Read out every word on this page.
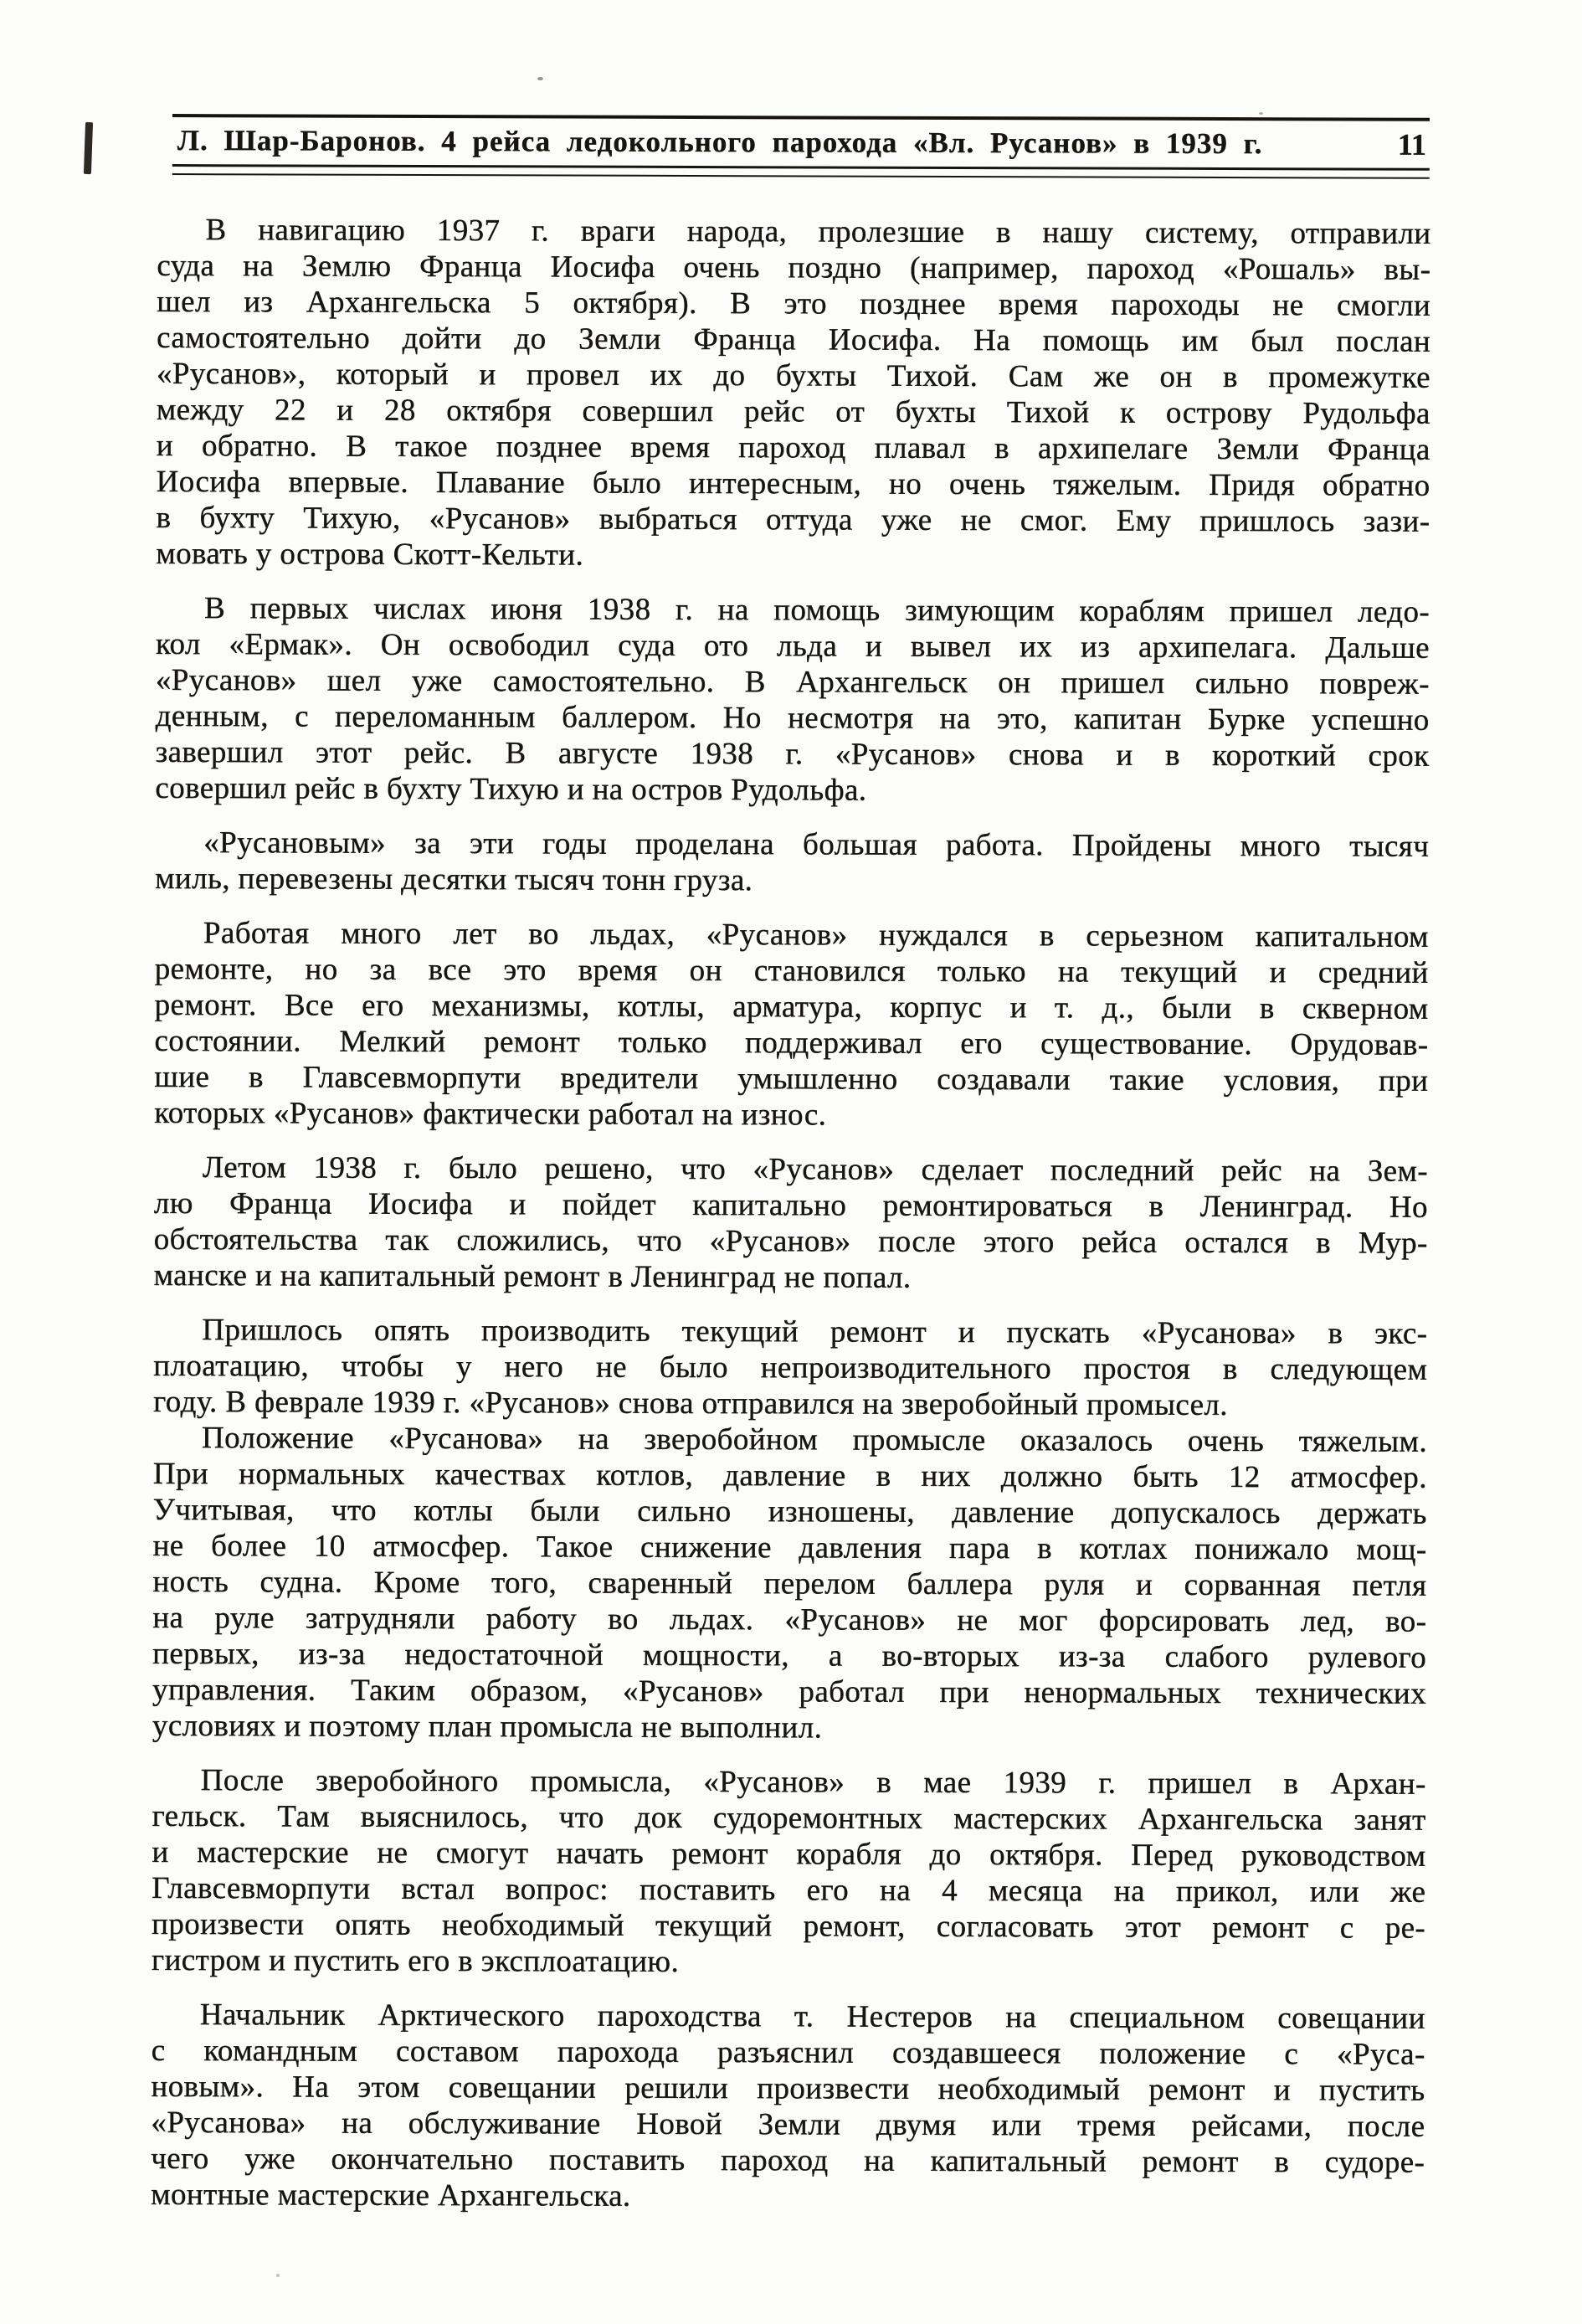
Л. Шар-Баронов. 4 рейса ледокольного парохода «Вл. Русанов» в 1939 г.	11
В навигацию 1937 г. враги народа, пролезшие в нашу систему, отправили
суда на Землю Франца Иосифа очень поздно (например, пароход «Рошаль» вы-
шел из Архангельска 5 октября). В это позднее время пароходы не смогли
самостоятельно дойти до Земли Франца Иосифа. На помощь им был послан
«Русанов», который и провел их до бухты Тихой. Сам же он в промежутке
между 22 и 28 октября совершил рейс от бухты Тихой к острову Рудольфа
и обратно. В такое позднее время пароход плавал в архипелаге Земли Франца
Иосифа впервые. Плавание было интересным, но очень тяжелым. Придя обратно
в бухту Тихую, «Русанов» выбраться оттуда уже не смог. Ему пришлось зази-
мовать у острова Скотт-Кельти.
В первых числах июня 1938 г. на помощь зимующим кораблям пришел ледо-
кол «Ермак». Он освободил суда ото льда и вывел их из архипелага. Дальше
«Русанов» шел уже самостоятельно. В Архангельск он пришел сильно повреж-
денным, с переломанным баллером. Но несмотря на это, капитан Бурке успешно
завершил этот рейс. В августе 1938 г. «Русанов» снова и в короткий срок
совершил рейс в бухту Тихую и на остров Рудольфа.
«Русановым» за эти годы проделана большая работа. Пройдены много тысяч
миль, перевезены десятки тысяч тонн груза.
Работая много лет во льдах, «Русанов» нуждался в серьезном капитальном
ремонте, но за все это время он становился только на текущий и средний
ремонт. Все его механизмы, котлы, арматура, корпус и т. д., были в скверном
состоянии. Мелкий ремонт только поддерживал его существование. Орудовав-
шие в Главсевморпути вредители умышленно создавали такие условия, при
которых «Русанов» фактически работал на износ.
Летом 1938 г. было решено, что «Русанов» сделает последний рейс на Зем-
лю Франца Иосифа и пойдет капитально ремонтироваться в Ленинград. Но
обстоятельства так сложились, что «Русанов» после этого рейса остался в Мур-
манске и на капитальный ремонт в Ленинград не попал.
Пришлось опять производить текущий ремонт и пускать «Русанова» в экс-
плоатацию, чтобы у него не было непроизводительного простоя в следующем
году. В феврале 1939 г. «Русанов» снова отправился на зверобойный промысел.
Положение «Русанова» на зверобойном промысле оказалось очень тяжелым.
При нормальных качествах котлов, давление в них должно быть 12 атмосфер.
Учитывая, что котлы были сильно изношены, давление допускалось держать
не более 10 атмосфер. Такое снижение давления пара в котлах понижало мощ-
ность судна. Кроме того, сваренный перелом баллера руля и сорванная петля
на руле затрудняли работу во льдах. «Русанов» не мог форсировать лед, во-
первых, из-за недостаточной мощности, а во-вторых из-за слабого рулевого
управления. Таким образом, «Русанов» работал при ненормальных технических
условиях и поэтому план промысла не выполнил.
После зверобойного промысла, «Русанов» в мае 1939 г. пришел в Архан-
гельск. Там выяснилось, что док судоремонтных мастерских Архангельска занят
и мастерские не смогут начать ремонт корабля до октября. Перед руководством
Главсевморпути встал вопрос: поставить его на 4 месяца на прикол, или же
произвести опять необходимый текущий ремонт, согласовать этот ремонт с ре-
гистром и пустить его в эксплоатацию.
Начальник Арктического пароходства т. Нестеров на специальном совещании
с командным составом парохода разъяснил создавшееся положение с «Руса-
новым». На этом совещании решили произвести необходимый ремонт и пустить
«Русанова» на обслуживание Новой Земли двумя или тремя рейсами, после
чего уже окончательно поставить пароход на капитальный ремонт в судоре-
монтные мастерские Архангельска.
